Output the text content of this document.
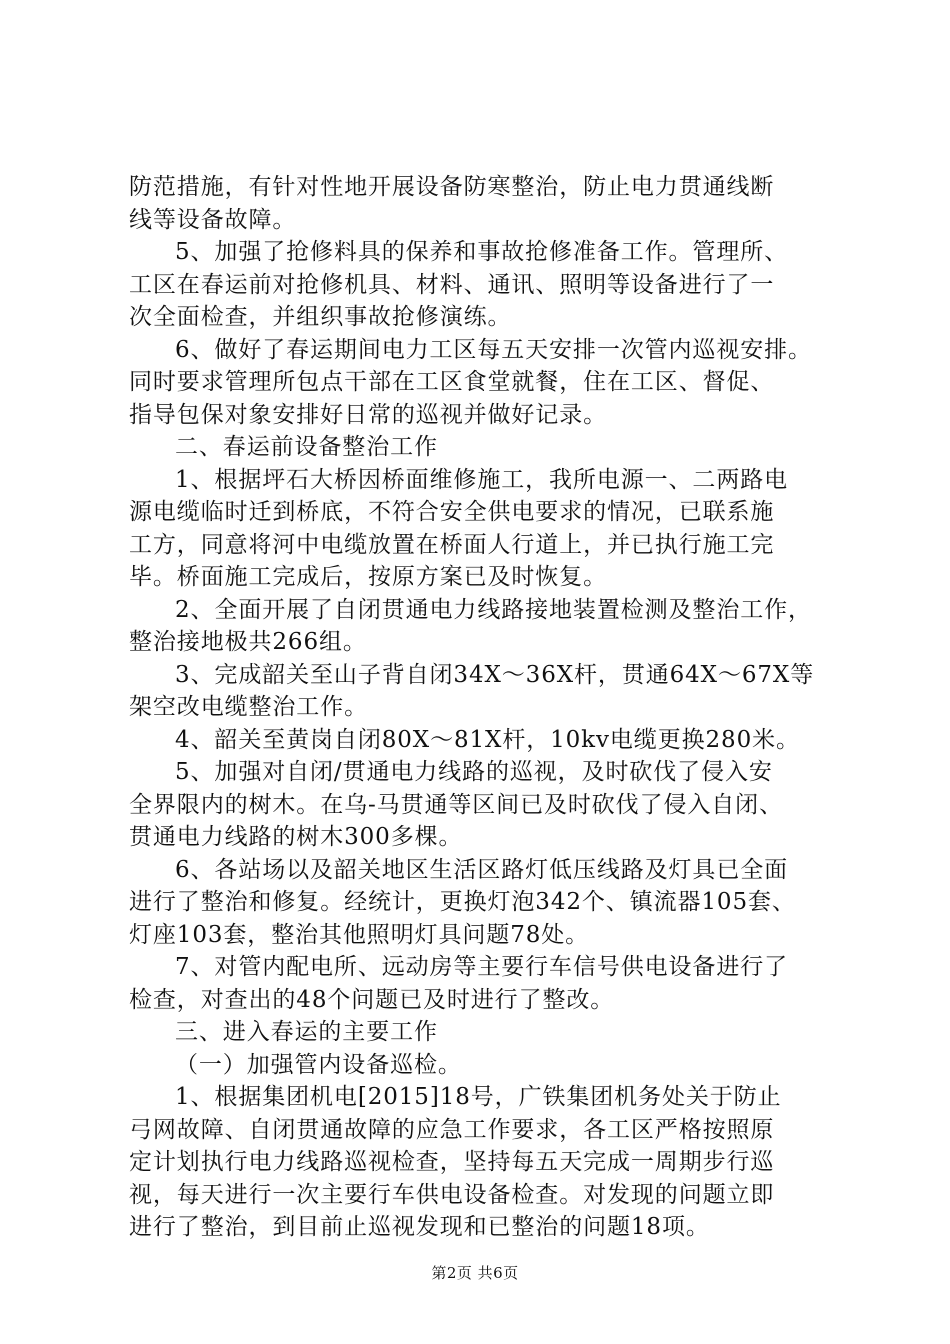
防范措施，有针对性地开展设备防寒整治，防止电力贯通线断
线等设备故障。
5、加强了抢修料具的保养和事故抢修准备工作。管理所、
工区在春运前对抢修机具、材料、通讯、照明等设备进行了一
次全面检查，并组织事故抢修演练。
6、做好了春运期间电力工区每五天安排一次管内巡视安排。
同时要求管理所包点干部在工区食堂就餐，住在工区、督促、
指导包保对象安排好日常的巡视并做好记录。
二、春运前设备整治工作
1、根据坪石大桥因桥面维修施工，我所电源一、二两路电
源电缆临时迁到桥底，不符合安全供电要求的情况，已联系施
工方，同意将河中电缆放置在桥面人行道上，并已执行施工完
毕。桥面施工完成后，按原方案已及时恢复。
2、全面开展了自闭贯通电力线路接地装置检测及整治工作，
整治接地极共266组。
3、完成韶关至山子背自闭34X～36X杆，贯通64X～67X等
架空改电缆整治工作。
4、韶关至黄岗自闭80X～81X杆，10kv电缆更换280米。
5、加强对自闭/贯通电力线路的巡视，及时砍伐了侵入安
全界限内的树木。在乌-马贯通等区间已及时砍伐了侵入自闭、
贯通电力线路的树木300多棵。
6、各站场以及韶关地区生活区路灯低压线路及灯具已全面
进行了整治和修复。经统计，更换灯泡342个、镇流器105套、
灯座103套，整治其他照明灯具问题78处。
7、对管内配电所、远动房等主要行车信号供电设备进行了
检查，对查出的48个问题已及时进行了整改。
三、进入春运的主要工作
（一）加强管内设备巡检。
1、根据集团机电[2015]18号，广铁集团机务处关于防止
弓网故障、自闭贯通故障的应急工作要求，各工区严格按照原
定计划执行电力线路巡视检查，坚持每五天完成一周期步行巡
视，每天进行一次主要行车供电设备检查。对发现的问题立即
进行了整治，到目前止巡视发现和已整治的问题18项。
第2页 共6页
